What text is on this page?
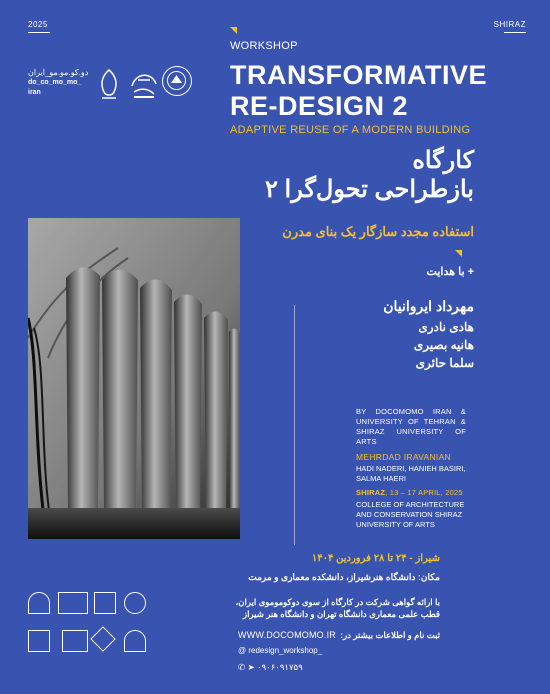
2025	SHIRAZ
دو.کو.مو.مو_ایران
do_co_mo_mo_ iran
WORKSHOP
TRANSFORMATIVE
RE-DESIGN 2
ADAPTIVE REUSE OF A MODERN BUILDING
کارگاه
بازطراحی تحول‌گرا ۲
استفاده مجدد سازگار یک بنای مدرن
+ با هدایت
مهرداد ایروانیان
هادی نادری
هانیه بصیری
سلما حائری
BY DOCOMOMO IRAN & UNIVERSITY OF TEHRAN & SHIRAZ UNIVERSITY OF ARTS
MEHRDAD IRAVANIAN
HADI NADERI, HANIEH BASIRI, SALMA HAERI
SHIRAZ, 13 – 17 APRIL, 2025
COLLEGE OF ARCHITECTURE AND CONSERVATION SHIRAZ UNIVERSITY OF ARTS
شیراز - ۲۴ تا ۲۸ فروردین ۱۴۰۴
مکان: دانشگاه هنرشیراز، دانشکده معماری و مرمت
با ارائه گواهی شرکت در کارگاه از سوی دوکوموموی ایران،
قطب علمی معماری دانشگاه تهران و دانشگاه هنر شیراز
ثبت نام و اطلاعات بیشتر در:
WWW.DOCOMOMO.IR
@ redesign_workshop_
✆ ➤ ۰۹۰۶۰۹۱۷۵۹
